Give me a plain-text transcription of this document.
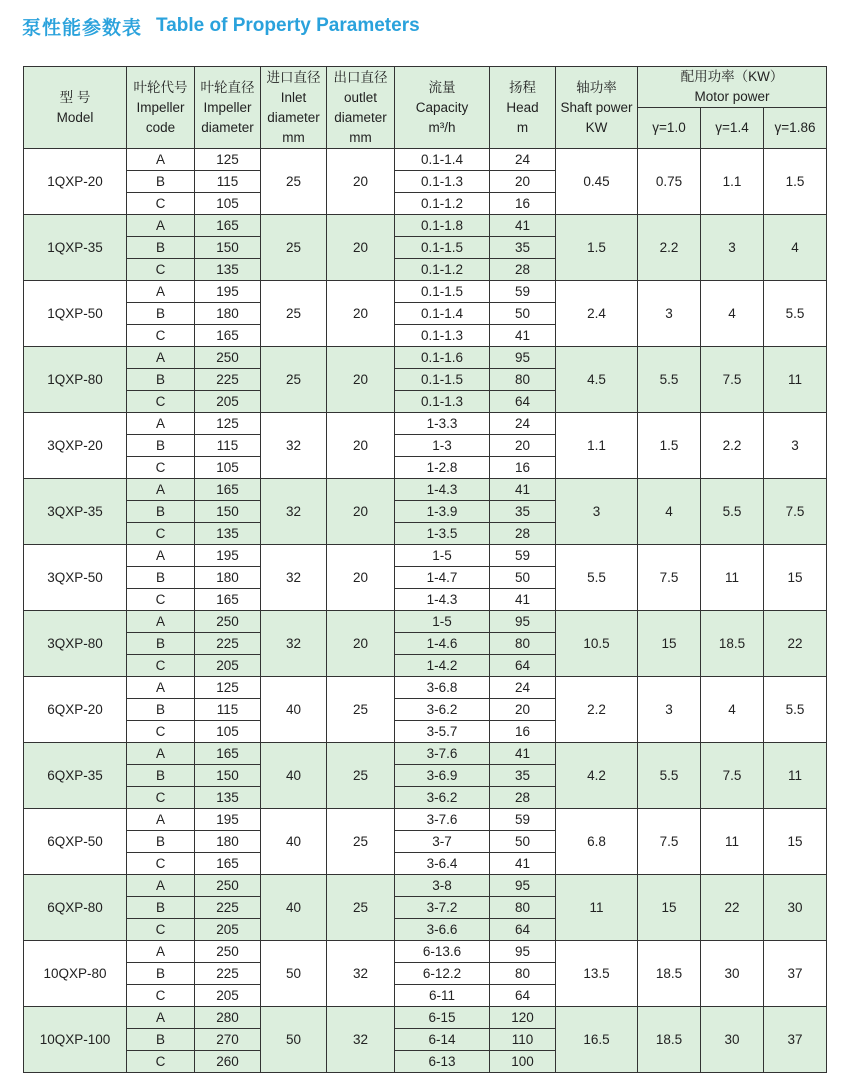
泵性能参数表 Table of Property Parameters
型 号
Model	叶轮代号
Impeller
code	叶轮直径
Impeller
diameter	进口直径
Inlet
diameter
mm	出口直径
outlet
diameter
mm	流量
Capacity
m³/h	扬程
Head
m	轴功率
Shaft power
KW	配用功率（KW）
Motor power		

								γ=1.0	γ=1.4	γ=1.86
1QXP-20	A	125	25	20	0.1-1.4	24	0.45	0.75	1.1	1.5
	B	115			0.1-1.3	20				
	C	105			0.1-1.2	16				
1QXP-35	A	165	25	20	0.1-1.8	41	1.5	2.2	3	4
	B	150			0.1-1.5	35				
	C	135			0.1-1.2	28				
1QXP-50	A	195	25	20	0.1-1.5	59	2.4	3	4	5.5
	B	180			0.1-1.4	50				
	C	165			0.1-1.3	41				
1QXP-80	A	250	25	20	0.1-1.6	95	4.5	5.5	7.5	11
	B	225			0.1-1.5	80				
	C	205			0.1-1.3	64				
3QXP-20	A	125	32	20	1-3.3	24	1.1	1.5	2.2	3
	B	115			1-3	20				
	C	105			1-2.8	16				
3QXP-35	A	165	32	20	1-4.3	41	3	4	5.5	7.5
	B	150			1-3.9	35				
	C	135			1-3.5	28				
3QXP-50	A	195	32	20	1-5	59	5.5	7.5	11	15
	B	180			1-4.7	50				
	C	165			1-4.3	41				
3QXP-80	A	250	32	20	1-5	95	10.5	15	18.5	22
	B	225			1-4.6	80				
	C	205			1-4.2	64				
6QXP-20	A	125	40	25	3-6.8	24	2.2	3	4	5.5
	B	115			3-6.2	20				
	C	105			3-5.7	16				
6QXP-35	A	165	40	25	3-7.6	41	4.2	5.5	7.5	11
	B	150			3-6.9	35				
	C	135			3-6.2	28				
6QXP-50	A	195	40	25	3-7.6	59	6.8	7.5	11	15
	B	180			3-7	50				
	C	165			3-6.4	41				
6QXP-80	A	250	40	25	3-8	95	11	15	22	30
	B	225			3-7.2	80				
	C	205			3-6.6	64				
10QXP-80	A	250	50	32	6-13.6	95	13.5	18.5	30	37
	B	225			6-12.2	80				
	C	205			6-11	64				
10QXP-100	A	280	50	32	6-15	120	16.5	18.5	30	37
	B	270			6-14	110				
	C	260			6-13	100				
